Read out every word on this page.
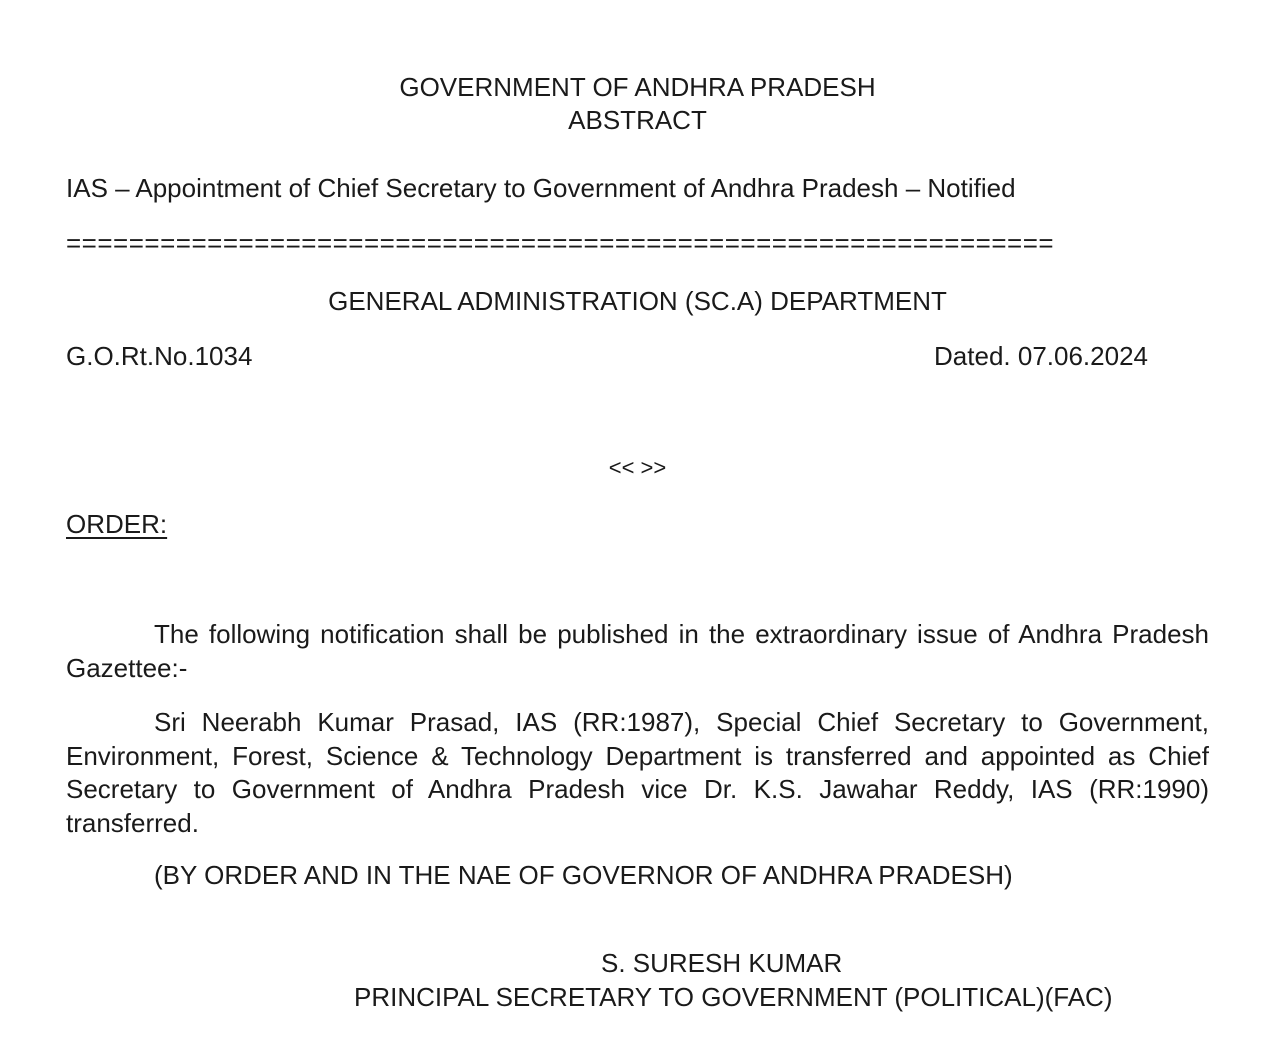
GOVERNMENT OF ANDHRA PRADESH
ABSTRACT
IAS – Appointment of Chief Secretary to Government of Andhra Pradesh – Notified
===============================================================
GENERAL ADMINISTRATION (SC.A) DEPARTMENT
G.O.Rt.No.1034	Dated. 07.06.2024
<< >>
ORDER:
The following notification shall be published in the extraordinary issue of Andhra Pradesh Gazettee:-
Sri Neerabh Kumar Prasad, IAS (RR:1987), Special Chief Secretary to Government, Environment, Forest, Science & Technology Department is transferred and appointed as Chief Secretary to Government of Andhra Pradesh vice Dr. K.S. Jawahar Reddy, IAS (RR:1990) transferred.
(BY ORDER AND IN THE NAE OF GOVERNOR OF ANDHRA PRADESH)
S. SURESH KUMAR
PRINCIPAL SECRETARY TO GOVERNMENT (POLITICAL)(FAC)
